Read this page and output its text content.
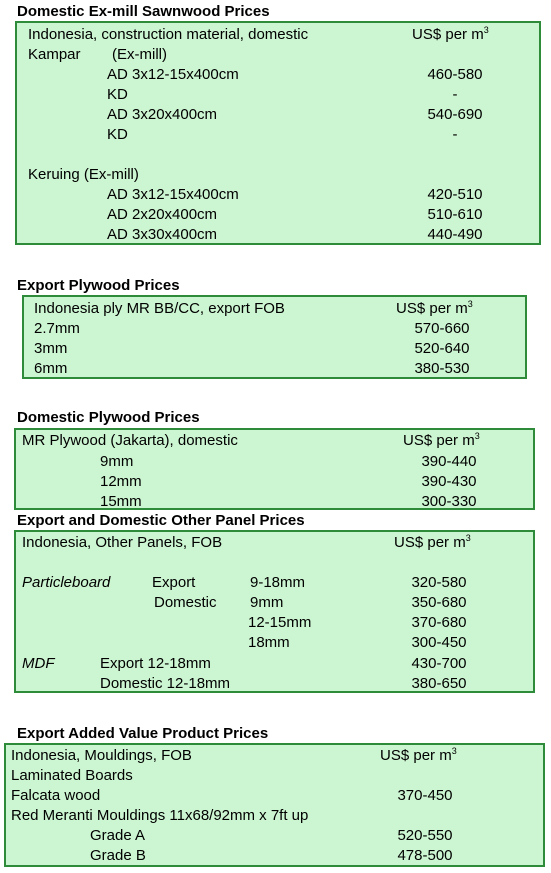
Domestic Ex-mill Sawnwood Prices
Indonesia, construction material, domestic	US$ per $m^3$
Kampar (Ex-mill)
AD 3x12-15x400cm	460-580
KD	-
AD 3x20x400cm	540-690
KD	-
Keruing (Ex-mill)
AD 3x12-15x400cm	420-510
AD 2x20x400cm	510-610
AD 3x30x400cm	440-490
Export Plywood Prices
Indonesia ply MR BB/CC, export FOB	US$ per $m^3$
2.7mm	570-660
3mm	520-640
6mm	380-530
Domestic Plywood Prices
MR Plywood (Jakarta), domestic	US$ per $m^3$
9mm	390-440
12mm	390-430
15mm	300-330
Export and Domestic Other Panel Prices
Indonesia, Other Panels, FOB	US$ per $m^3$
Particleboard	Export	9-18mm	320-580
Domestic 9mm	350-680
12-15mm	370-680
18mm	300-450
MDF	Export 12-18mm	430-700
Domestic 12-18mm	380-650
Export Added Value Product Prices
Indonesia, Mouldings, FOB	US$ per $m^3$
Laminated Boards
Falcata wood	370-450
Red Meranti Mouldings 11x68/92mm x 7ft up
Grade A	520-550
Grade B	478-500
